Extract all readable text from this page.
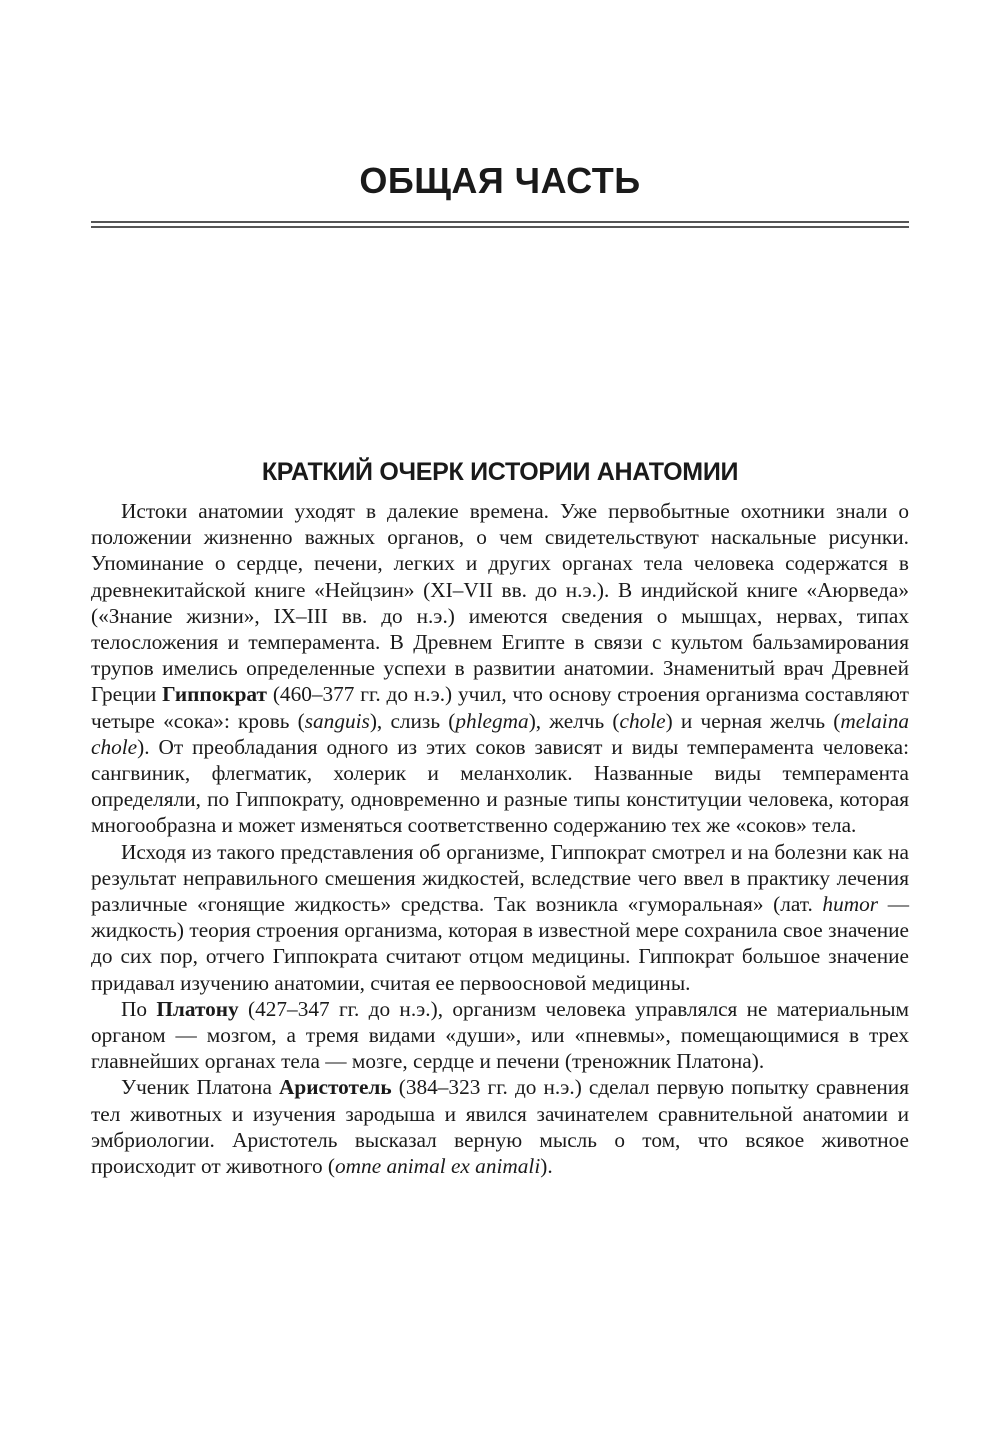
ОБЩАЯ ЧАСТЬ
КРАТКИЙ ОЧЕРК ИСТОРИИ АНАТОМИИ

Истоки анатомии уходят в далекие времена. Уже первобытные охотники знали о положении жизненно важных органов, о чем свидетельствуют наскальные рисунки. Упоминание о сердце, печени, легких и других органах тела человека содержатся в древнекитайской книге «Нейцзин» (XI–VII вв. до н.э.). В индийской книге «Аюрведа» («Знание жизни», IX–III вв. до н.э.) имеются сведения о мышцах, нервах, типах телосложения и темперамента. В Древнем Египте в связи с культом бальзамирования трупов имелись определенные успехи в развитии анатомии. Знаменитый врач Древней Греции Гиппократ (460–377 гг. до н.э.) учил, что основу строения организма составляют четыре «сока»: кровь (sanguis), слизь (phlegma), желчь (chole) и черная желчь (melaina chole). От преобладания одного из этих соков зависят и виды темперамента человека: сангвиник, флегматик, холерик и меланхолик. Названные виды темперамента определяли, по Гиппократу, одновременно и разные типы конституции человека, которая многообразна и может изменяться соответственно содержанию тех же «соков» тела.

Исходя из такого представления об организме, Гиппократ смотрел и на болезни как на результат неправильного смешения жидкостей, вследствие чего ввел в практику лечения различные «гонящие жидкость» средства. Так возникла «гуморальная» (лат. humor — жидкость) теория строения организма, которая в известной мере сохранила свое значение до сих пор, отчего Гиппократа считают отцом медицины. Гиппократ большое значение придавал изучению анатомии, считая ее первоосновой медицины.

По Платону (427–347 гг. до н.э.), организм человека управлялся не материальным органом — мозгом, а тремя видами «души», или «пневмы», помещающимися в трех главнейших органах тела — мозге, сердце и печени (треножник Платона).

Ученик Платона Аристотель (384–323 гг. до н.э.) сделал первую попытку сравнения тел животных и изучения зародыша и явился зачинателем сравнительной анатомии и эмбриологии. Аристотель высказал верную мысль о том, что всякое животное происходит от животного (omne animal ex animali).
